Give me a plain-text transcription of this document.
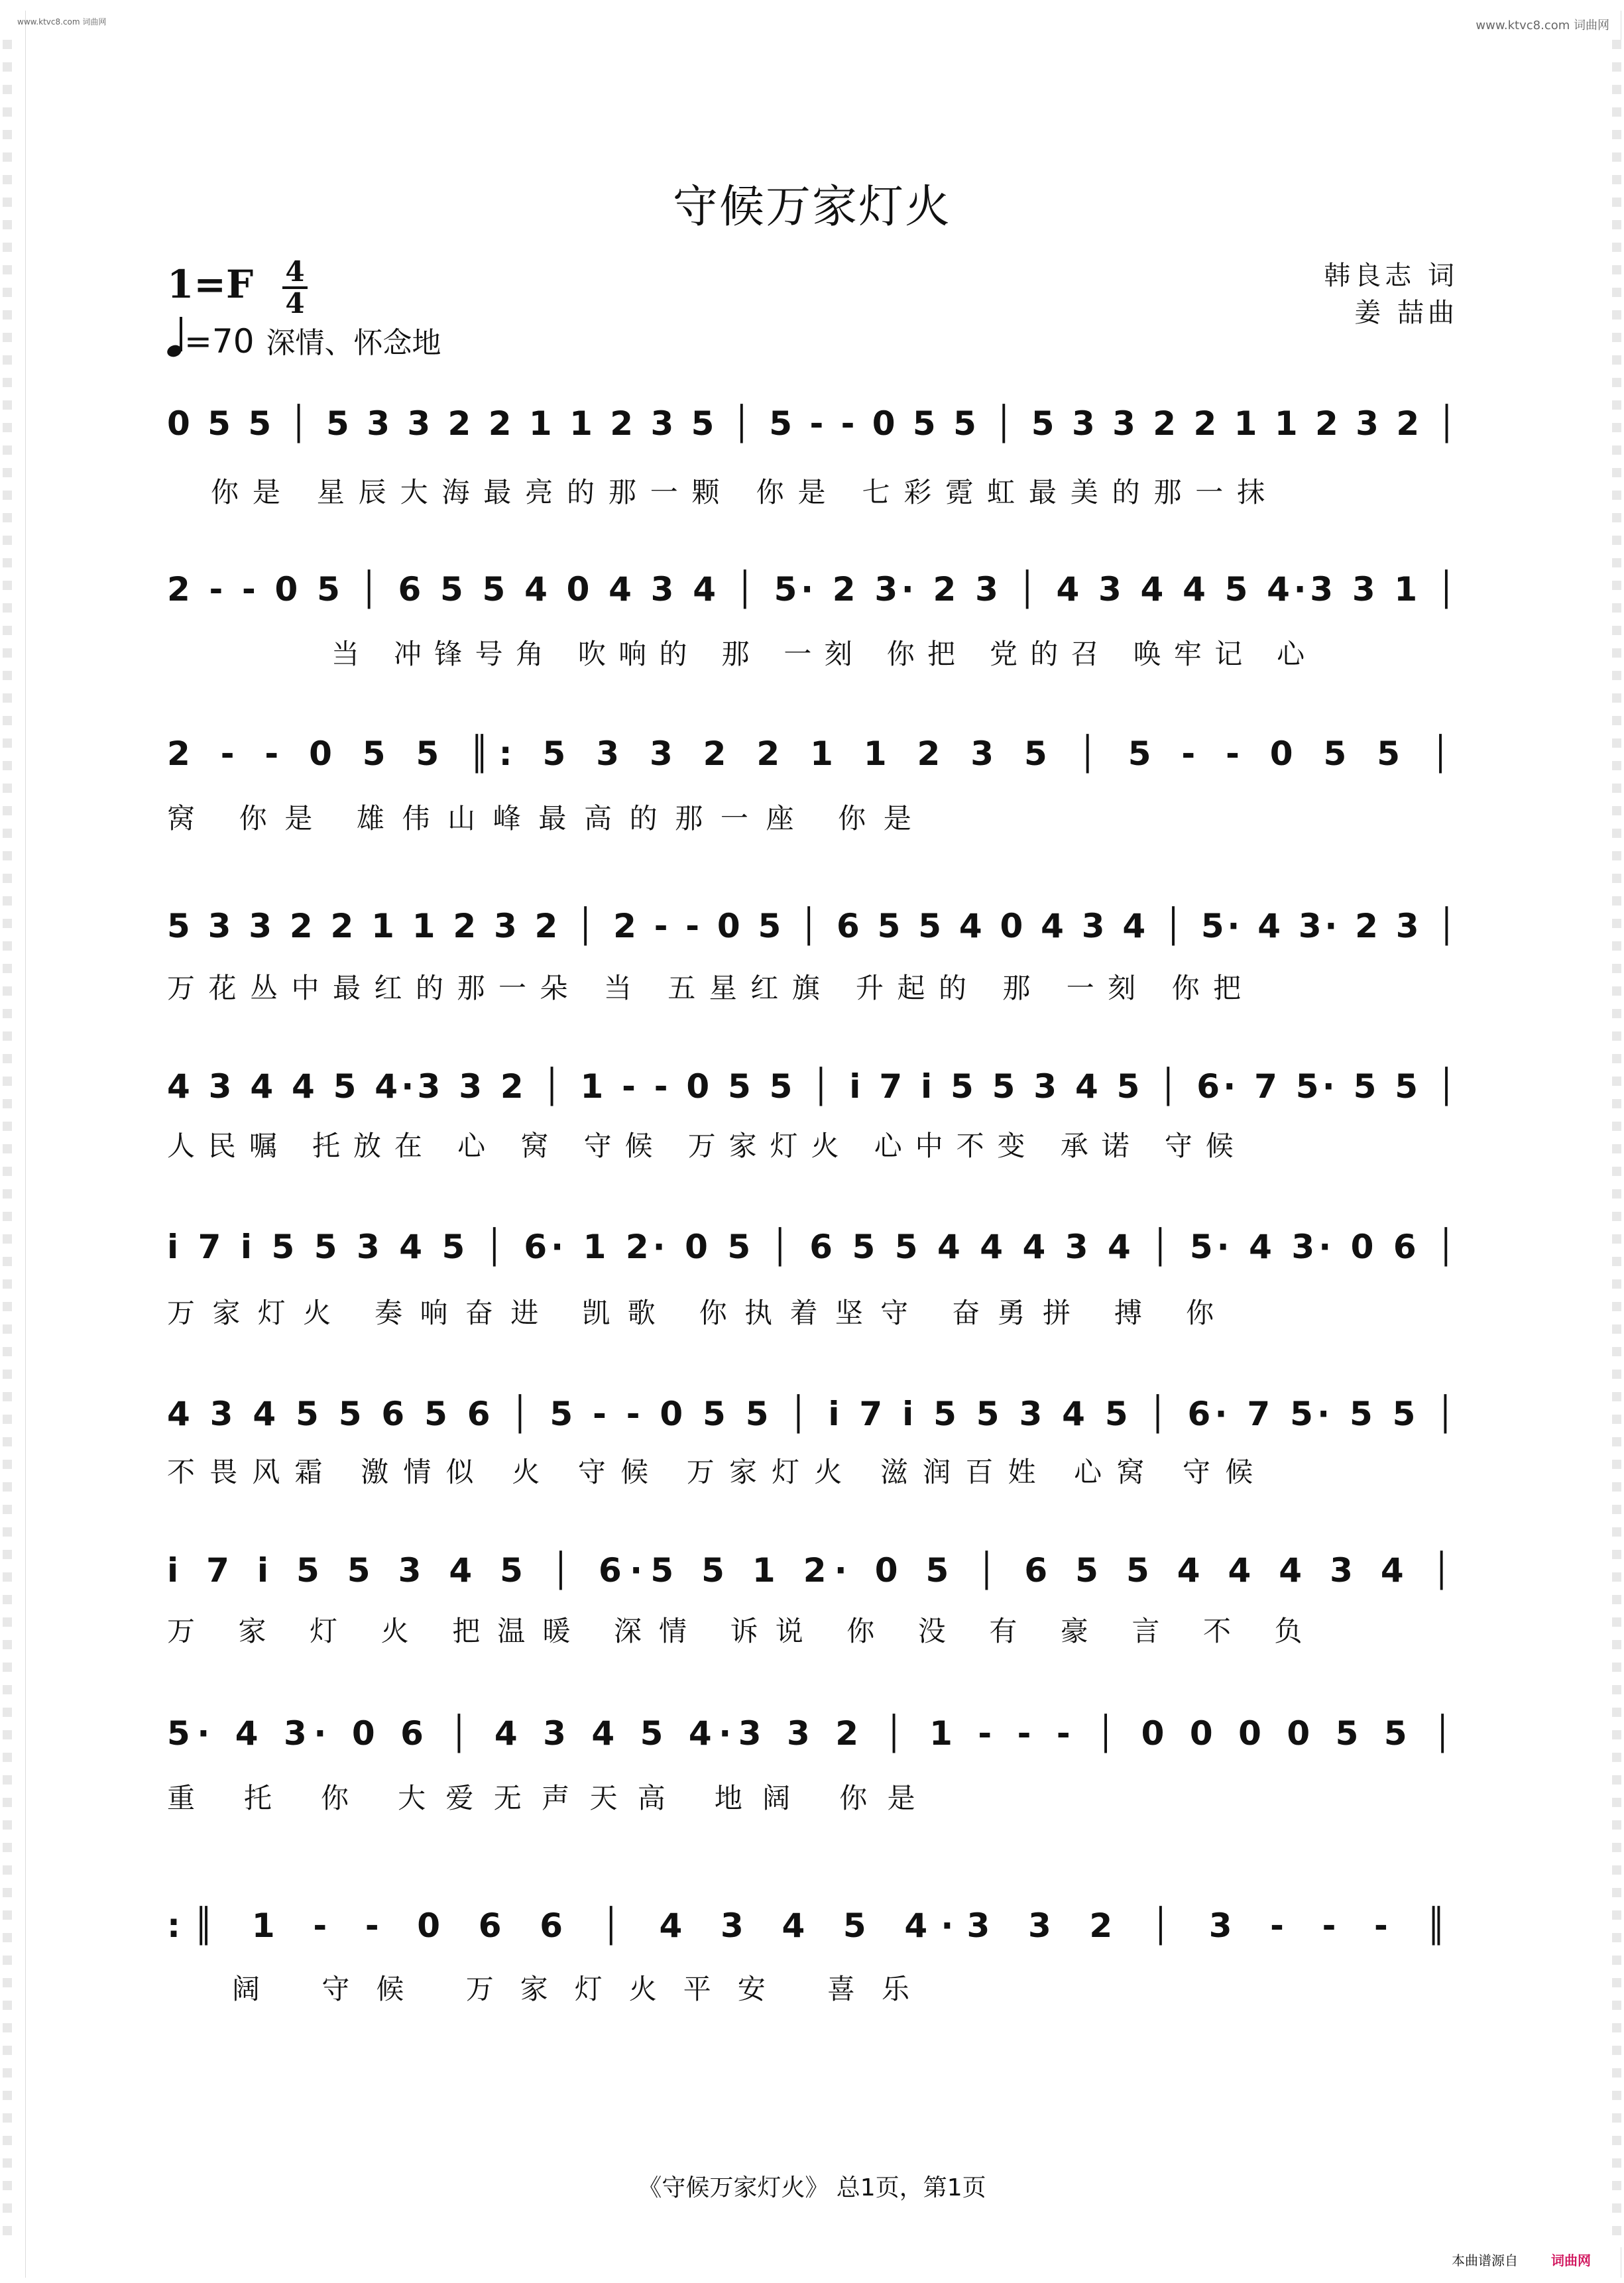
www.ktvc8.com 词曲网	www.ktvc8.com 词曲网
守候万家灯火
韩良志 词
姜 喆曲
1=F 4
4
=70 深情、怀念地
0 5 5 │ 5 3 3 2 2 1 1 2 3 5 │ 5 - - 0 5 5 │ 5 3 3 2 2 1 1 2 3 2 │
你是 星辰大海最亮的那一颗 你是 七彩霓虹最美的那一抹
2 - - 0 5 │ 6 5 5 4 0 4 3 4 │ 5· 2 3· 2 3 │ 4 3 4 4 5 4·3 3 1 │
当 冲锋号角 吹响的 那 一刻 你把 党的召 唤牢记 心
2 - - 0 5 5 ║: 5 3 3 2 2 1 1 2 3 5 │ 5 - - 0 5 5 │
窝 你是 雄伟山峰最高的那一座 你是
5 3 3 2 2 1 1 2 3 2 │ 2 - - 0 5 │ 6 5 5 4 0 4 3 4 │ 5· 4 3· 2 3 │
万花丛中最红的那一朵 当 五星红旗 升起的 那 一刻 你把
4 3 4 4 5 4·3 3 2 │ 1 - - 0 5 5 │ i 7 i 5 5 3 4 5 │ 6· 7 5· 5 5 │
人民嘱 托放在 心 窝 守候 万家灯火 心中不变 承诺 守候
i 7 i 5 5 3 4 5 │ 6· 1 2· 0 5 │ 6 5 5 4 4 4 3 4 │ 5· 4 3· 0 6 │
万家灯火 奏响奋进 凯歌 你执着坚守 奋勇拼 搏 你
4 3 4 5 5 6 5 6 │ 5 - - 0 5 5 │ i 7 i 5 5 3 4 5 │ 6· 7 5· 5 5 │
不畏风霜 激情似 火 守候 万家灯火 滋润百姓 心窝 守候
i 7 i 5 5 3 4 5 │ 6·5 5 1 2· 0 5 │ 6 5 5 4 4 4 3 4 │
万 家 灯 火 把温暖 深情 诉说 你 没 有 豪 言 不 负
5· 4 3· 0 6 │ 4 3 4 5 4·3 3 2 │ 1 - - - │ 0 0 0 0 5 5 │
重 托 你 大爱无声天高 地阔 你是
:║ 1 - - 0 6 6 │ 4 3 4 5 4·3 3 2 │ 3 - - - ║
阔 守候 万家灯火平安 喜乐
《守候万家灯火》 总1页，第1页
本曲谱源自	词曲网
